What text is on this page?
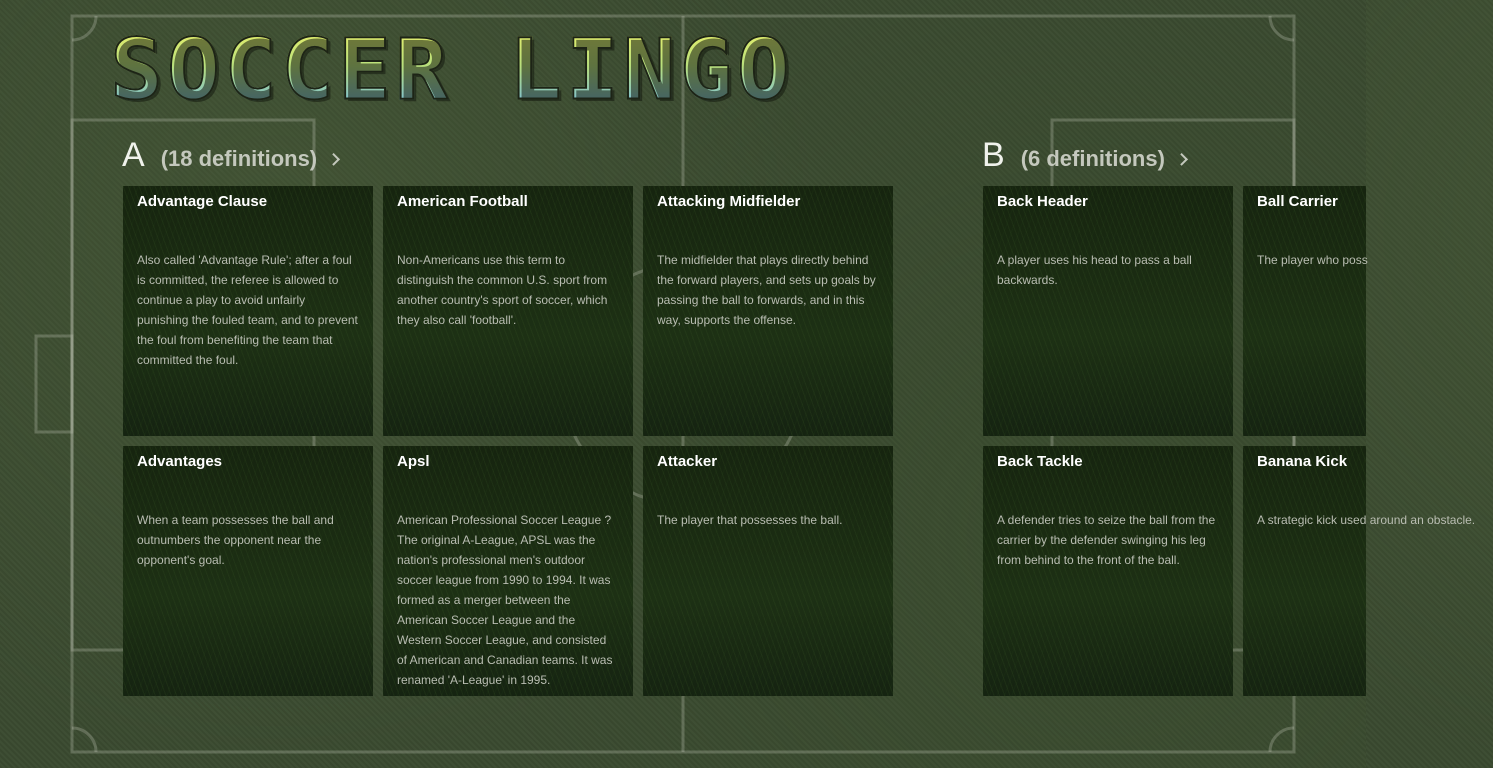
SOCCER LINGO
A (18 definitions)	B (6 definitions)

Advantage Clause

Also called 'Advantage Rule'; after a foul is committed, the referee is allowed to continue a play to avoid unfairly punishing the fouled team, and to prevent the foul from benefiting the team that committed the foul.

Advantages

When a team possesses the ball and outnumbers the opponent near the opponent's goal.

American Football

Non-Americans use this term to distinguish the common U.S. sport from another country's sport of soccer, which they also call 'football'.

Apsl

American Professional Soccer League ? The original A-League, APSL was the nation's professional men's outdoor soccer league from 1990 to 1994. It was formed as a merger between the American Soccer League and the Western Soccer League, and consisted of American and Canadian teams. It was renamed 'A-League' in 1995.

Attacking Midfielder

The midfielder that plays directly behind the forward players, and sets up goals by passing the ball to forwards, and in this way, supports the offense.

Attacker

The player that possesses the ball.

Back Header

A player uses his head to pass a ball backwards.

Back Tackle

A defender tries to seize the ball from the carrier by the defender swinging his leg from behind to the front of the ball.

Ball Carrier

The player who poss

Banana Kick

A strategic kick used around an obstacle.
